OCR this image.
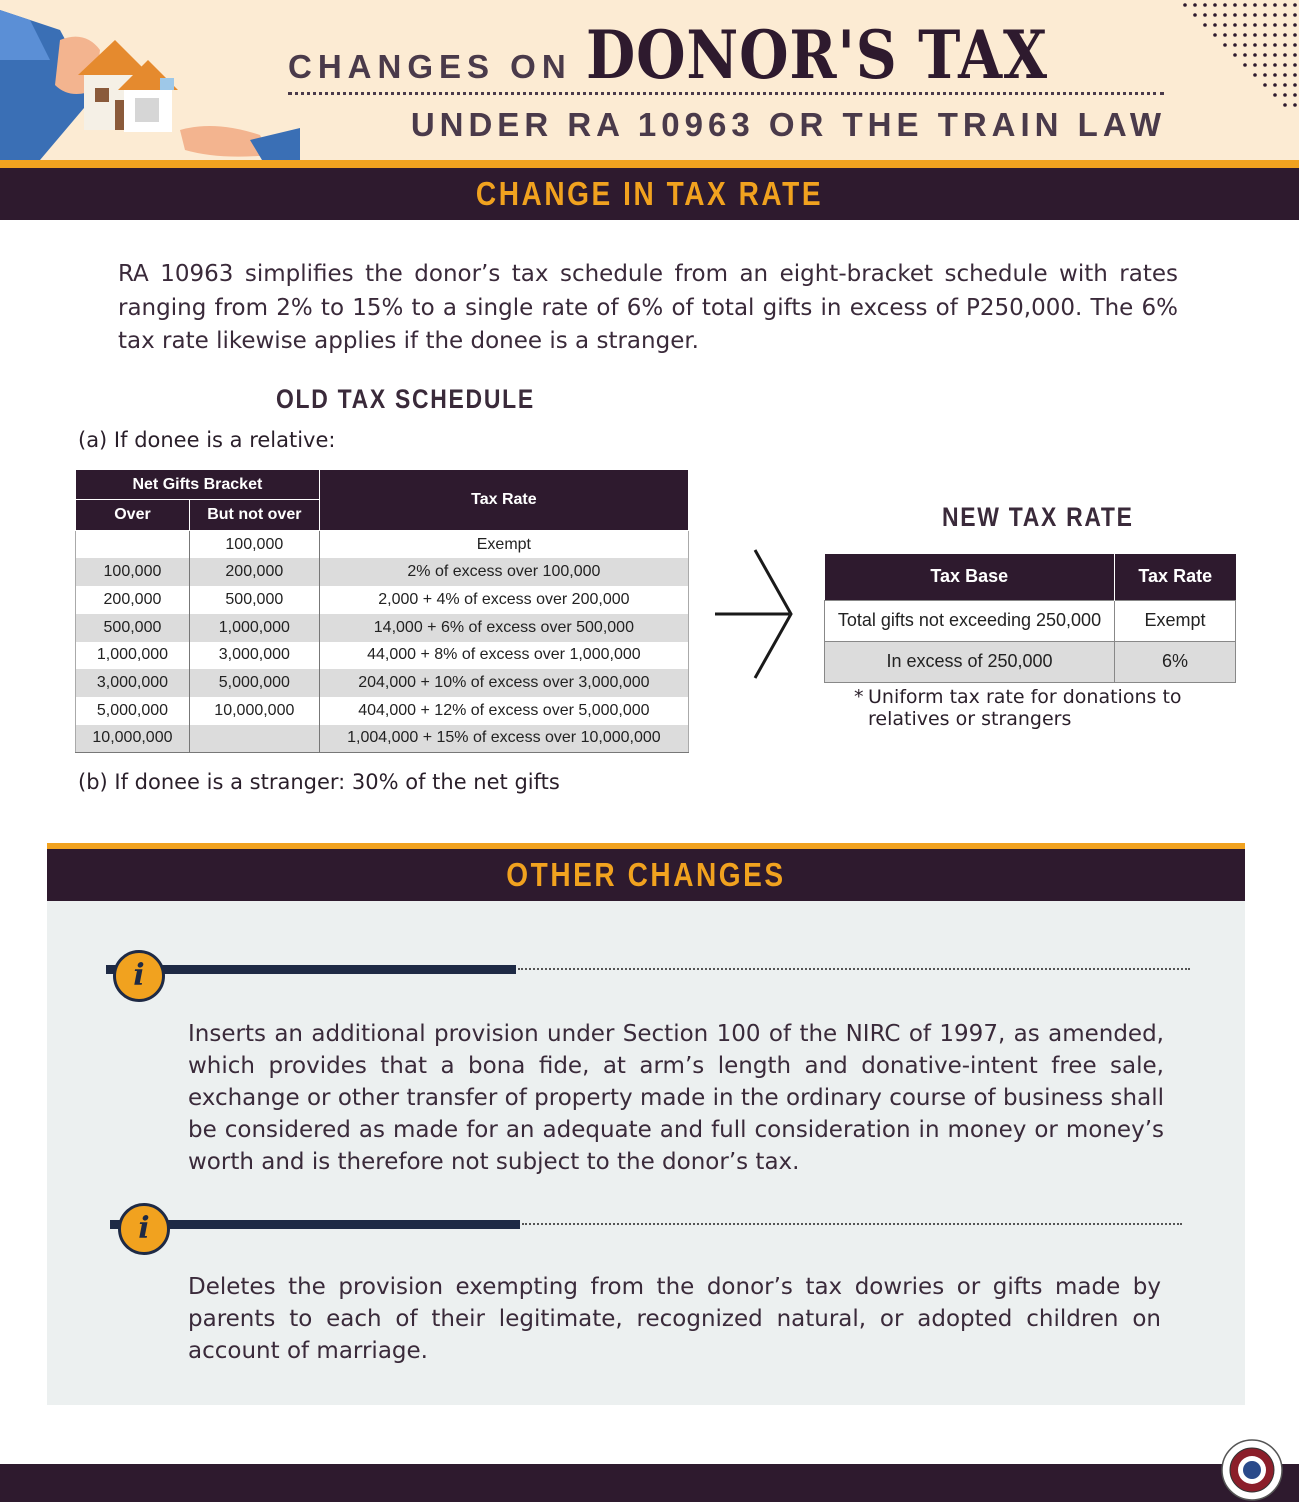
CHANGES ON DONOR'S TAX
UNDER RA 10963 OR THE TRAIN LAW
CHANGE IN TAX RATE
RA 10963 simplifies the donor’s tax schedule from an eight-bracket schedule with rates ranging from 2% to 15% to a single rate of 6% of total gifts in excess of P250,000. The 6% tax rate likewise applies if the donee is a stranger.
OLD TAX SCHEDULE
(a) If donee is a relative:
Net Gifts Bracket		Tax Rate
Over	But not over	
	100,000	Exempt
100,000	200,000	2% of excess over 100,000
200,000	500,000	2,000 + 4% of excess over 200,000
500,000	1,000,000	14,000 + 6% of excess over 500,000
1,000,000	3,000,000	44,000 + 8% of excess over 1,000,000
3,000,000	5,000,000	204,000 + 10% of excess over 3,000,000
5,000,000	10,000,000	404,000 + 12% of excess over 5,000,000
10,000,000		1,004,000 + 15% of excess over 10,000,000
(b) If donee is a stranger: 30% of the net gifts
NEW TAX RATE
Tax Base	Tax Rate
Total gifts not exceeding 250,000	Exempt
In excess of 250,000	6%
* Uniform tax rate for donations to
relatives or strangers
OTHER CHANGES
i
Inserts an additional provision under Section 100 of the NIRC of 1997, as amended, which provides that a bona fide, at arm’s length and donative-intent free sale, exchange or other transfer of property made in the ordinary course of business shall be considered as made for an adequate and full consideration in money or money’s worth and is therefore not subject to the donor’s tax.
i
Deletes the provision exempting from the donor’s tax dowries or gifts made by parents to each of their legitimate, recognized natural, or adopted children on account of marriage.
